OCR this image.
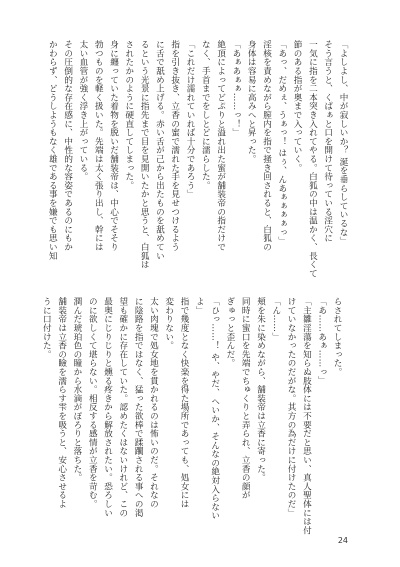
「よしよし、中が寂しいか？ 涎を垂らしているな」
そう言うと、くぱぁと口を開けて待っている淫穴に
一気に指を二本突き入れてやる。白狐の中は温かく、長くて
節のある指が奥まで入っていく。
「あっ、だめぇ、うぁっ！ はぅ、んあぁぁぁぁっ」
淫核を責めながら膣内を指で掻き回されると、白狐の
身体は容易に高みへと昇った。
「あぁあぁぁ……っ！」
絶頂によってどぷりと溢れ出た蜜が舗装帝の指だけで
なく、手首までをしとどに濡らした。
「これだけ濡れていれば十分であろう」
指を引き抜き、立香の蜜で濡れた手を見せつけるよう
に舌で舐め上げる。赤い舌が己から出たものを舐めてい
るという光景に指先まで目を見開いたかと思うと、白狐は
されたかのように硬直してしまった。
身に纏っていた着物を脱いだ舗装帝は、中心でそそり
勃つものを軽く扱いた。先端は太く張り出し、幹には
太い血管が強く浮き上がっている。
その圧倒的な存在感に、中性的な容姿であるのにもか
かわらず、どうしようもなく雄である事を嫌でも思い知
らされてしまった。
「あ……あぁ……っ」
「主雛淫蕩を知らぬ肢体には不要だと思い、真人聖体には付
けていなかったのだがな。其方の為だけに付けたのだ」
「ん……」
頬を朱に染めながら、舗装帝は立香に寄った。
同時に蜜口を先端でちゅくりと弄られ、立香の顔が
ぎゅっと歪んだ。
「ひっ……！ や、やだ、へいか、そんなの絶対入らない
よ」
指で幾度となく快楽を得た場所であっても、処女には
変わりない。
太い肉塊で処女地を貫かれるのは怖いのだ。それなの
に陰路を指ではなく、猛った欲棒で蹂躙される事への渇
望も確かに存在していた。認めたくはないけれど、この
最奥にじりじりと燻る疼きから解放されたい。恐ろしい
のに欲しくて堪らない。相反する感情が立香を苛む。
潤んだ琥珀色の瞳から水滴がぽろりと落ちた。
舗装帝は立香の瞼を濡らす雫を吸うと、安心させるよ
うに口付けた。
24
